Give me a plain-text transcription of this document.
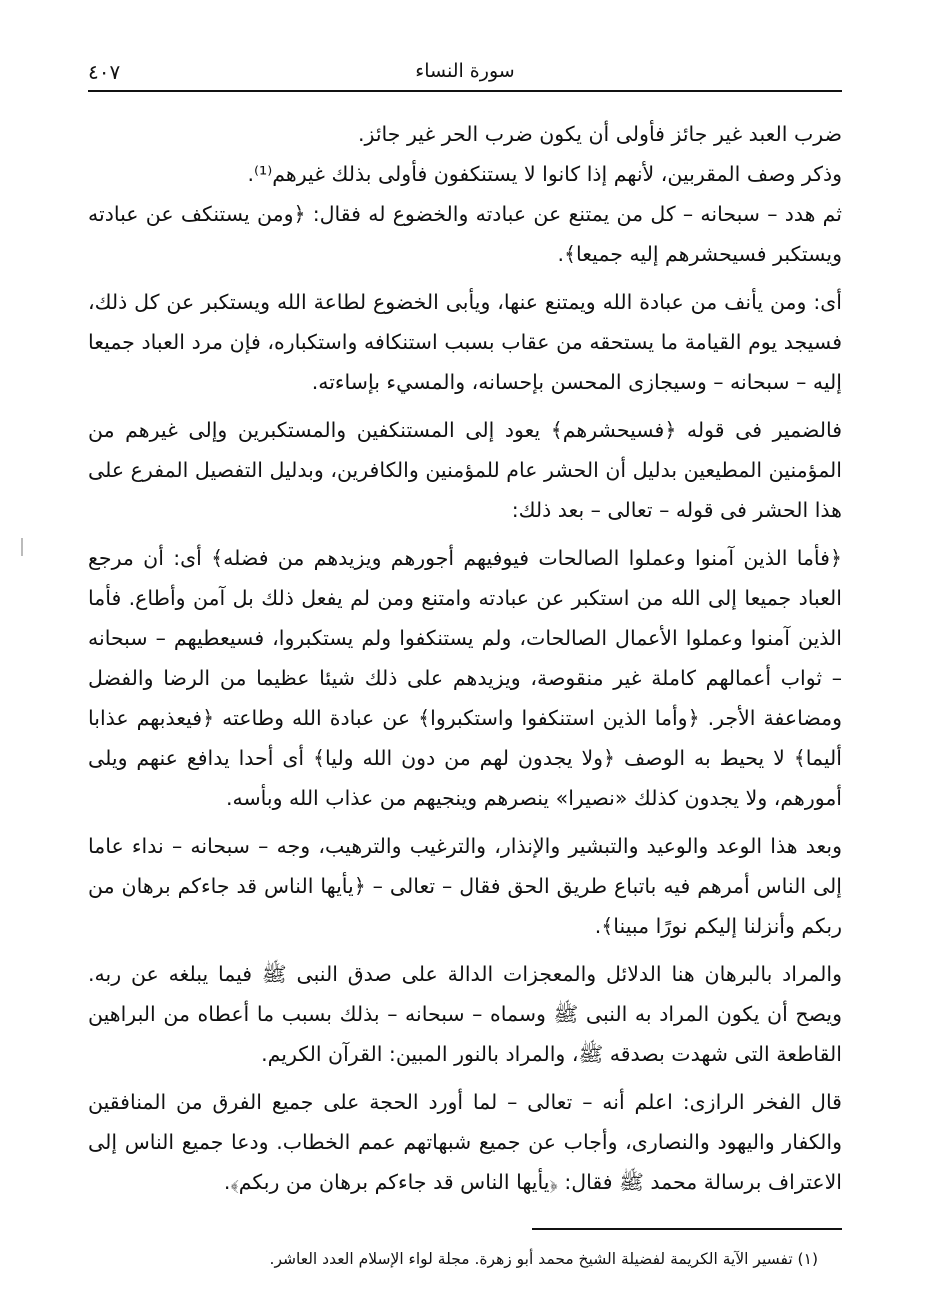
سورة النساء
٤٠٧

ضرب العبد غير جائز فأولى أن يكون ضرب الحر غير جائز.

وذكر وصف المقربين، لأنهم إذا كانوا لا يستنكفون فأولى بذلك غيرهم⁽¹⁾.

ثم هدد – سبحانه – كل من يمتنع عن عبادته والخضوع له فقال: ﴿ومن يستنكف عن عبادته ويستكبر فسيحشرهم إليه جميعا﴾.

أى: ومن يأنف من عبادة الله ويمتنع عنها، ويأبى الخضوع لطاعة الله ويستكبر عن كل ذلك، فسيجد يوم القيامة ما يستحقه من عقاب بسبب استنكافه واستكباره، فإن مرد العباد جميعا إليه – سبحانه – وسيجازى المحسن بإحسانه، والمسيء بإساءته.

فالضمير فى قوله ﴿فسيحشرهم﴾ يعود إلى المستنكفين والمستكبرين وإلى غيرهم من المؤمنين المطيعين بدليل أن الحشر عام للمؤمنين والكافرين، وبدليل التفصيل المفرع على هذا الحشر فى قوله – تعالى – بعد ذلك:

﴿فأما الذين آمنوا وعملوا الصالحات فيوفيهم أجورهم ويزيدهم من فضله﴾ أى: أن مرجع العباد جميعا إلى الله من استكبر عن عبادته وامتنع ومن لم يفعل ذلك بل آمن وأطاع. فأما الذين آمنوا وعملوا الأعمال الصالحات، ولم يستنكفوا ولم يستكبروا، فسيعطيهم – سبحانه – ثواب أعمالهم كاملة غير منقوصة، ويزيدهم على ذلك شيئا عظيما من الرضا والفضل ومضاعفة الأجر. ﴿وأما الذين استنكفوا واستكبروا﴾ عن عبادة الله وطاعته ﴿فيعذبهم عذابا أليما﴾ لا يحيط به الوصف ﴿ولا يجدون لهم من دون الله وليا﴾ أى أحدا يدافع عنهم ويلى أمورهم، ولا يجدون كذلك «نصيرا» ينصرهم وينجيهم من عذاب الله وبأسه.

وبعد هذا الوعد والوعيد والتبشير والإنذار، والترغيب والترهيب، وجه – سبحانه – نداء عاما إلى الناس أمرهم فيه باتباع طريق الحق فقال – تعالى – ﴿يأيها الناس قد جاءكم برهان من ربكم وأنزلنا إليكم نورًا مبينا﴾.

والمراد بالبرهان هنا الدلائل والمعجزات الدالة على صدق النبى ﷺ فيما يبلغه عن ربه. ويصح أن يكون المراد به النبى ﷺ وسماه – سبحانه – بذلك بسبب ما أعطاه من البراهين القاطعة التى شهدت بصدقه ﷺ، والمراد بالنور المبين: القرآن الكريم.

قال الفخر الرازى: اعلم أنه – تعالى – لما أورد الحجة على جميع الفرق من المنافقين والكفار واليهود والنصارى، وأجاب عن جميع شبهاتهم عمم الخطاب. ودعا جميع الناس إلى الاعتراف برسالة محمد ﷺ فقال: ﴿يأيها الناس قد جاءكم برهان من ربكم﴾.

(١) تفسير الآية الكريمة لفضيلة الشيخ محمد أبو زهرة. مجلة لواء الإسلام العدد العاشر.
